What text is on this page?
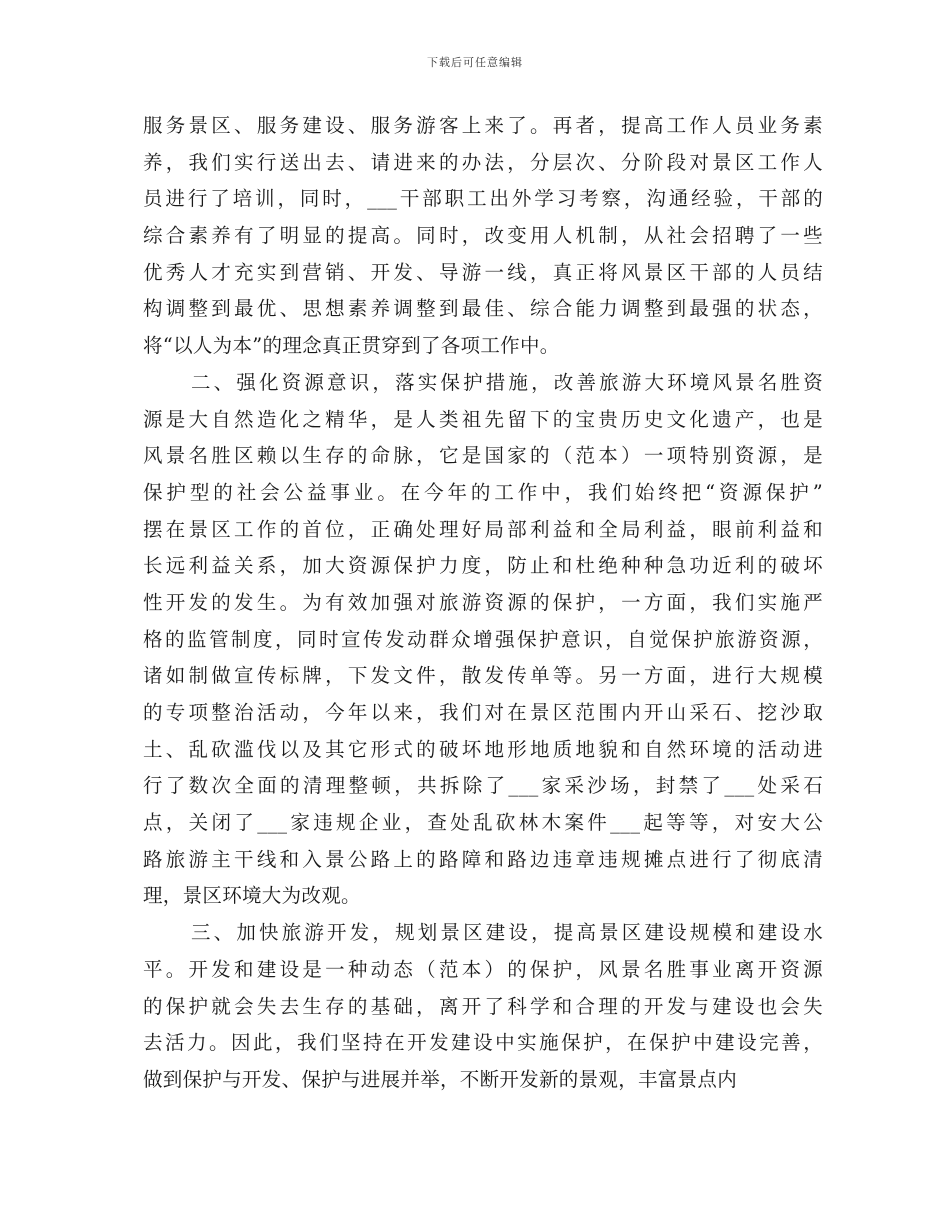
下载后可任意编辑
服务景区、服务建设、服务游客上来了。再者，提高工作人员业务素
养，我们实行送出去、请进来的办法，分层次、分阶段对景区工作人
员进行了培训，同时，___干部职工出外学习考察，沟通经验，干部的
综合素养有了明显的提高。同时，改变用人机制，从社会招聘了一些
优秀人才充实到营销、开发、导游一线，真正将风景区干部的人员结
构调整到最优、思想素养调整到最佳、综合能力调整到最强的状态，
将“以人为本”的理念真正贯穿到了各项工作中。
二、强化资源意识，落实保护措施，改善旅游大环境风景名胜资
源是大自然造化之精华，是人类祖先留下的宝贵历史文化遗产，也是
风景名胜区赖以生存的命脉，它是国家的（范本）一项特别资源，是
保护型的社会公益事业。在今年的工作中，我们始终把“资源保护”
摆在景区工作的首位，正确处理好局部利益和全局利益，眼前利益和
长远利益关系，加大资源保护力度，防止和杜绝种种急功近利的破坏
性开发的发生。为有效加强对旅游资源的保护，一方面，我们实施严
格的监管制度，同时宣传发动群众增强保护意识，自觉保护旅游资源，
诸如制做宣传标牌，下发文件，散发传单等。另一方面，进行大规模
的专项整治活动，今年以来，我们对在景区范围内开山采石、挖沙取
土、乱砍滥伐以及其它形式的破坏地形地质地貌和自然环境的活动进
行了数次全面的清理整顿，共拆除了___家采沙场，封禁了___处采石
点，关闭了___家违规企业，查处乱砍林木案件___起等等，对安大公
路旅游主干线和入景公路上的路障和路边违章违规摊点进行了彻底清
理，景区环境大为改观。
三、加快旅游开发，规划景区建设，提高景区建设规模和建设水
平。开发和建设是一种动态（范本）的保护，风景名胜事业离开资源
的保护就会失去生存的基础，离开了科学和合理的开发与建设也会失
去活力。因此，我们坚持在开发建设中实施保护，在保护中建设完善，
做到保护与开发、保护与进展并举，不断开发新的景观，丰富景点内
